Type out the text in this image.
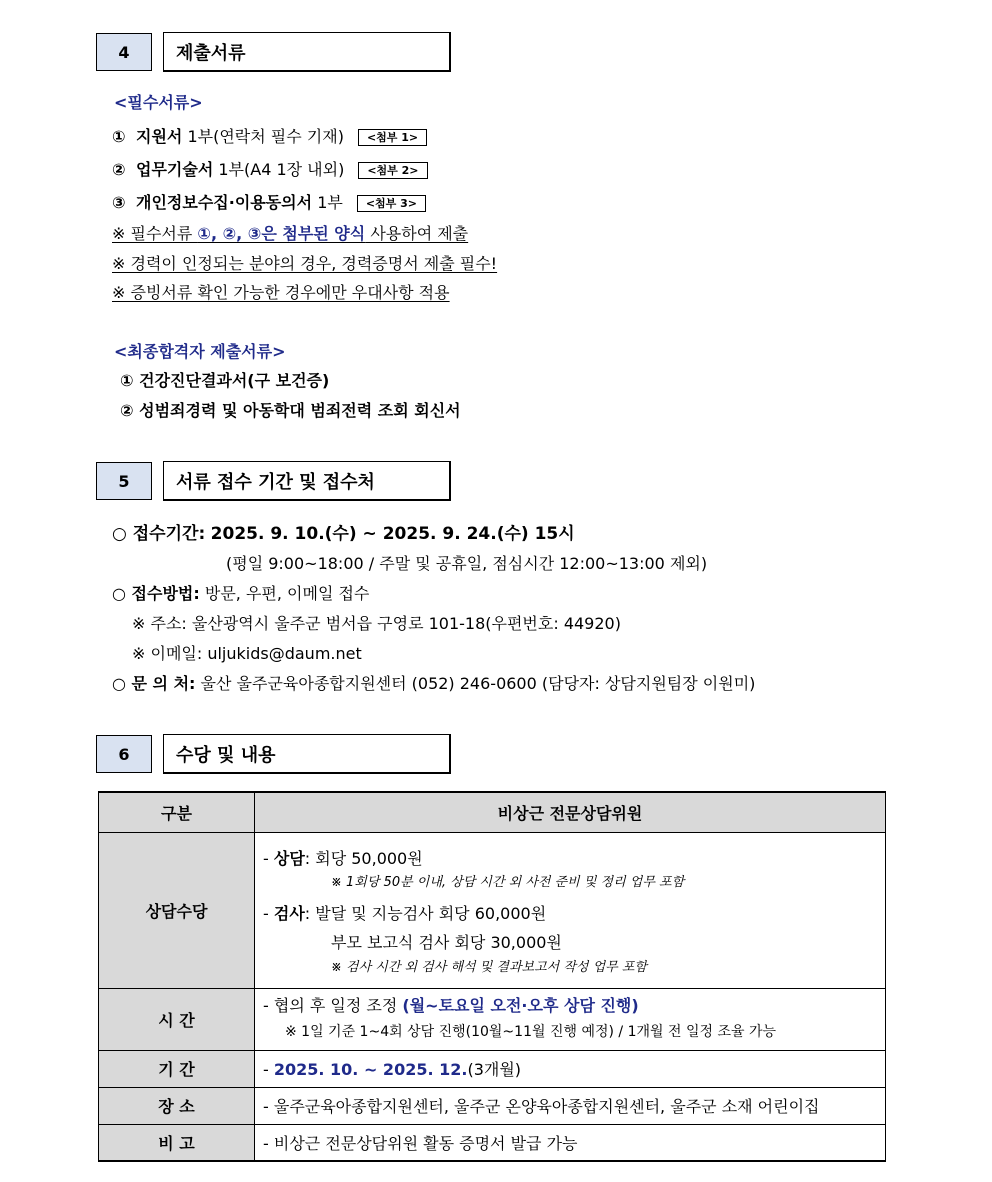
4	제출서류
<필수서류>
① 지원서 1부(연락처 필수 기재) <첨부 1>
② 업무기술서 1부(A4 1장 내외) <첨부 2>
③ 개인정보수집·이용동의서 1부 <첨부 3>
※ 필수서류 ①, ②, ③은 첨부된 양식 사용하여 제출
※ 경력이 인정되는 분야의 경우, 경력증명서 제출 필수!
※ 증빙서류 확인 가능한 경우에만 우대사항 적용
<최종합격자 제출서류>
① 건강진단결과서(구 보건증)
② 성범죄경력 및 아동학대 범죄전력 조회 회신서
5	서류 접수 기간 및 접수처
○ 접수기간: 2025. 9. 10.(수) ~ 2025. 9. 24.(수) 15시
(평일 9:00~18:00 / 주말 및 공휴일, 점심시간 12:00~13:00 제외)
○ 접수방법: 방문, 우편, 이메일 접수
※ 주소: 울산광역시 울주군 범서읍 구영로 101-18(우편번호: 44920)
※ 이메일: uljukids@daum.net
○ 문 의 처: 울산 울주군육아종합지원센터 (052) 246-0600 (담당자: 상담지원팀장 이원미)
6	수당 및 내용
구분	비상근 전문상담위원
상담수당	- 상담: 회당 50,000원
※ 1회당 50분 이내, 상담 시간 외 사전 준비 및 정리 업무 포함
- 검사: 발달 및 지능검사 회당 60,000원
부모 보고식 검사 회당 30,000원
※ 검사 시간 외 검사 해석 및 결과보고서 작성 업무 포함

시 간	- 협의 후 일정 조정 (월~토요일 오전·오후 상담 진행)
※ 1일 기준 1~4회 상담 진행(10월~11월 진행 예정) / 1개월 전 일정 조율 가능

기 간	- 2025. 10. ~ 2025. 12.(3개월)
장 소	- 울주군육아종합지원센터, 울주군 온양육아종합지원센터, 울주군 소재 어린이집
비 고	- 비상근 전문상담위원 활동 증명서 발급 가능
